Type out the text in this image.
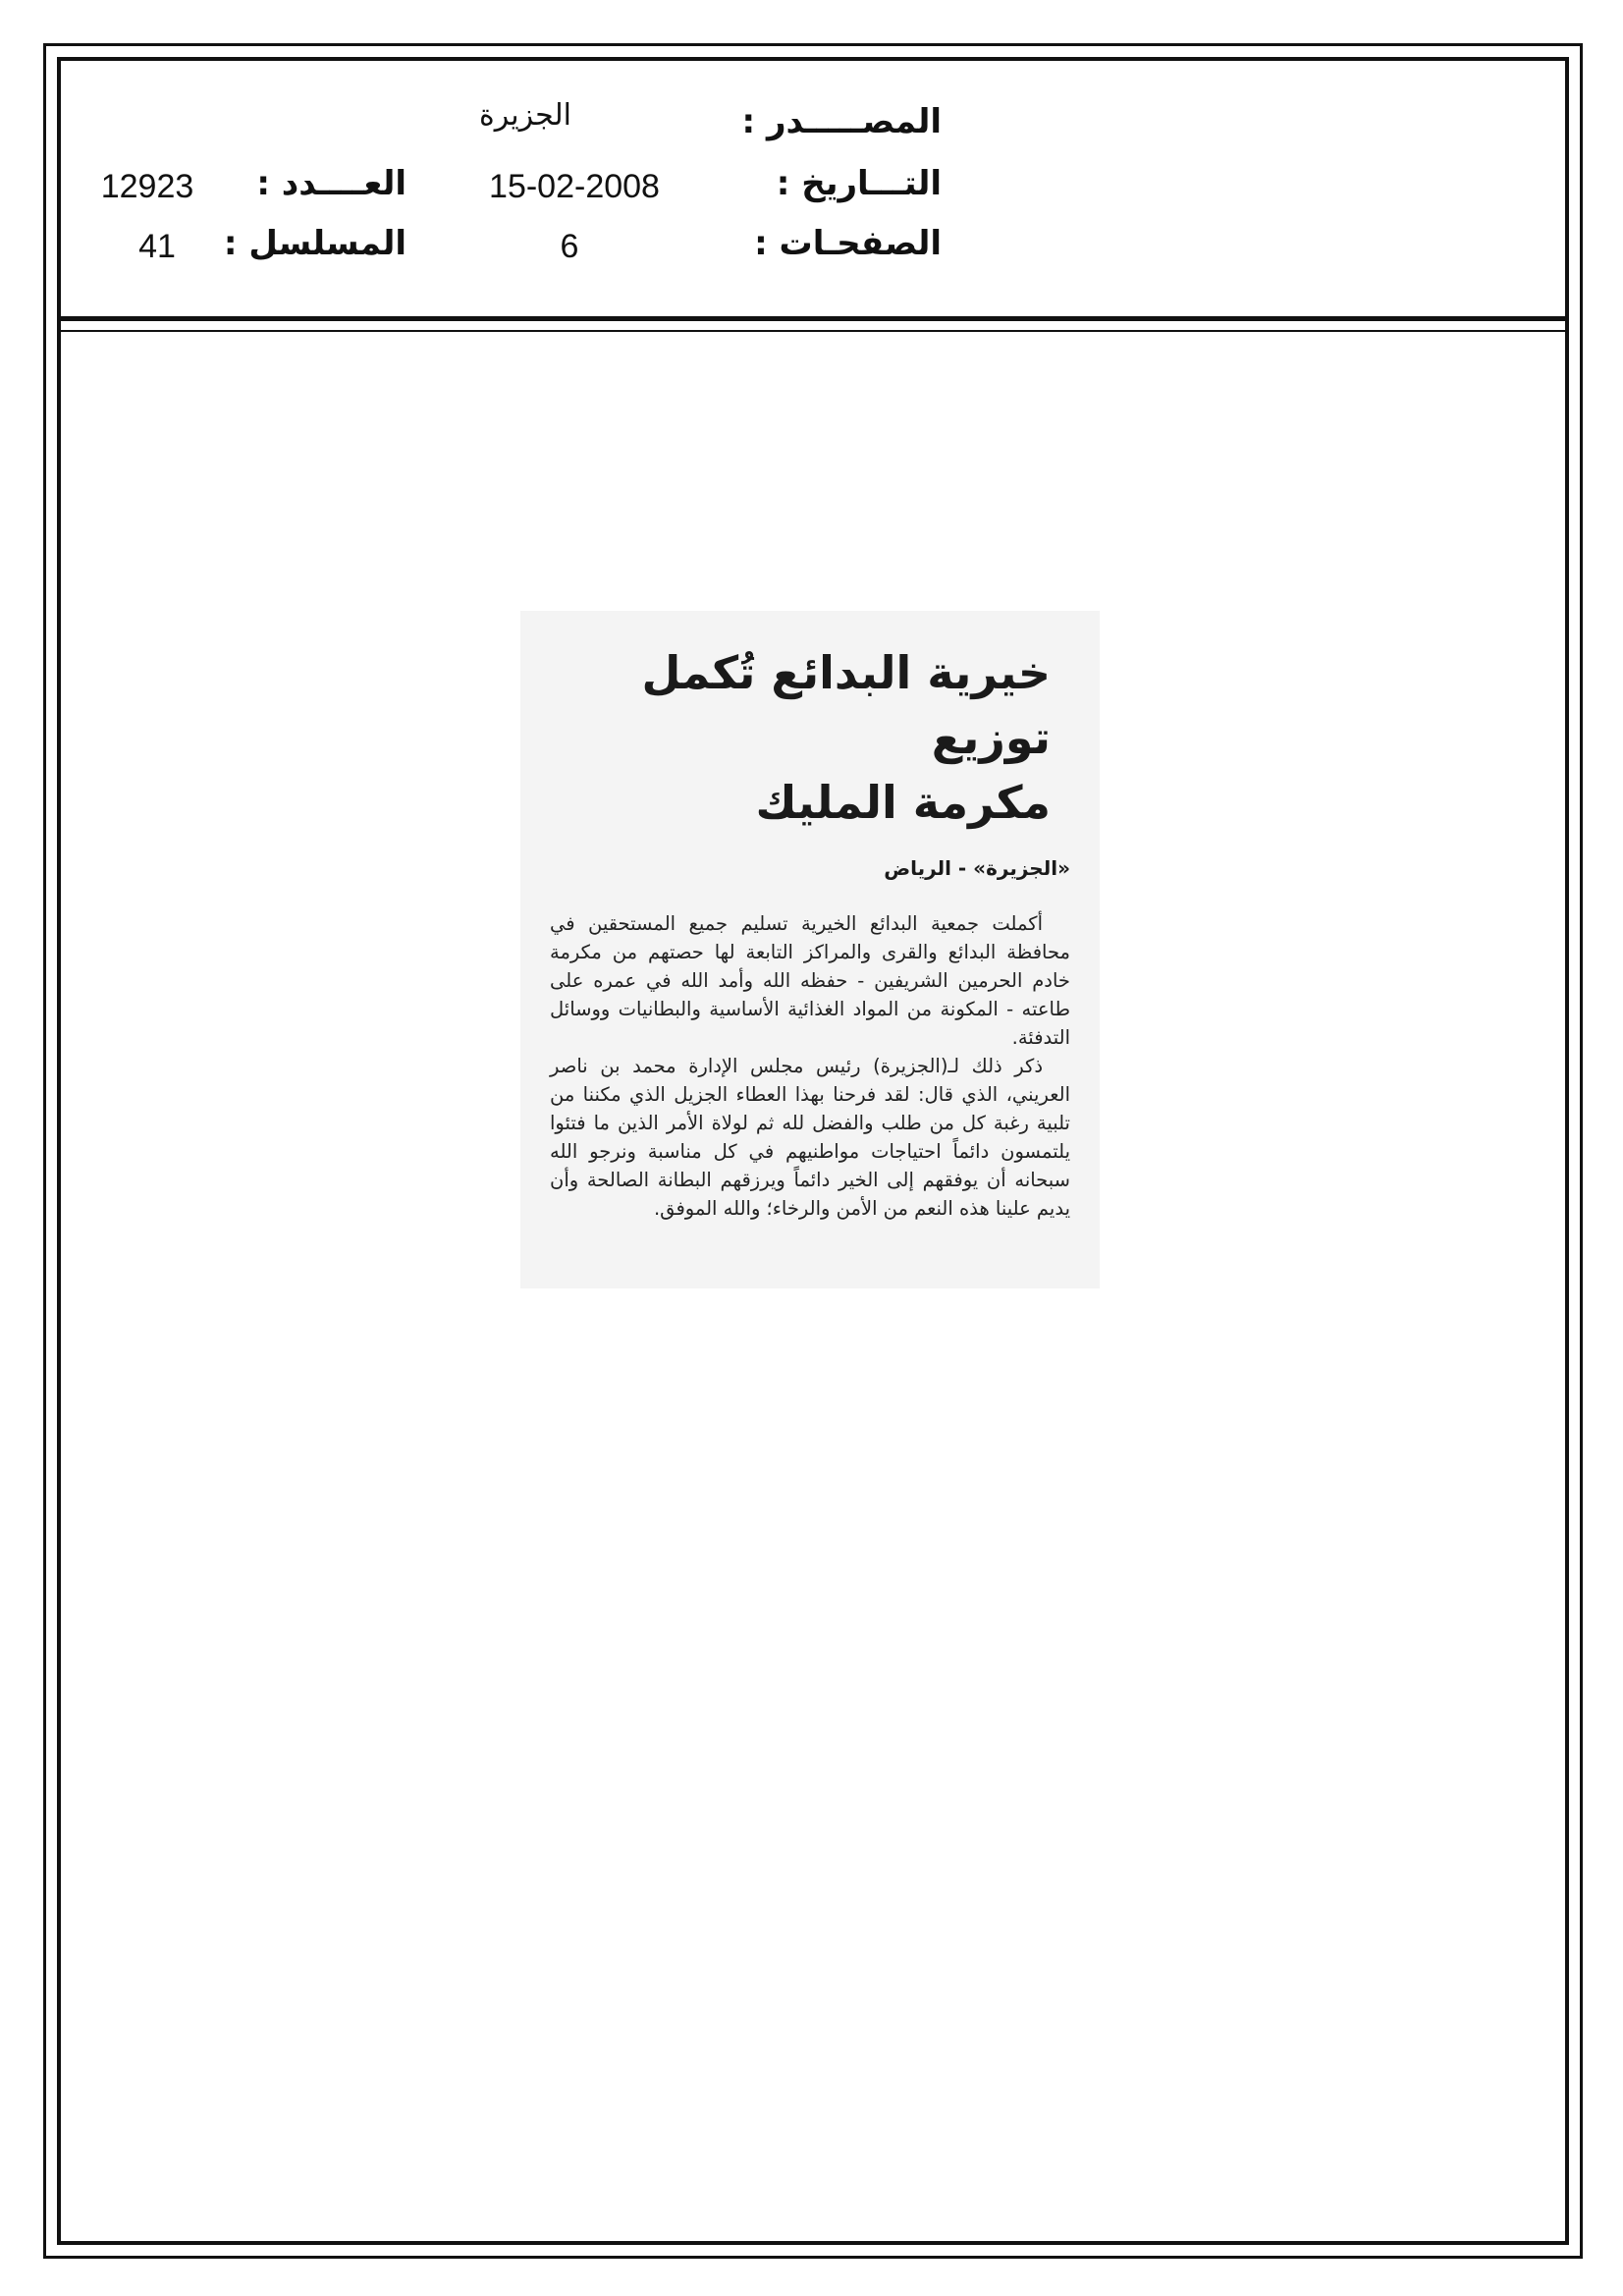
المصـــــدر :
الجزيرة
التـــاريخ :
15-02-2008
الصفحـات :
6
العــــدد :
12923
المسلسل :
41
خيرية البدائع تُكمل توزيع
مكرمة المليك
«الجزيرة» - الرياض

أكملت جمعية البدائع الخيرية تسليم جميع المستحقين في محافظة البدائع والقرى والمراكز التابعة لها حصتهم من مكرمة خادم الحرمين الشريفين - حفظه الله وأمد الله في عمره على طاعته - المكونة من المواد الغذائية الأساسية والبطانيات ووسائل التدفئة.

ذكر ذلك لـ(الجزيرة) رئيس مجلس الإدارة محمد بن ناصر العريني، الذي قال: لقد فرحنا بهذا العطاء الجزيل الذي مكننا من تلبية رغبة كل من طلب والفضل لله ثم لولاة الأمر الذين ما فتئوا يلتمسون دائماً احتياجات مواطنيهم في كل مناسبة ونرجو الله سبحانه أن يوفقهم إلى الخير دائماً ويرزقهم البطانة الصالحة وأن يديم علينا هذه النعم من الأمن والرخاء؛ والله الموفق.
